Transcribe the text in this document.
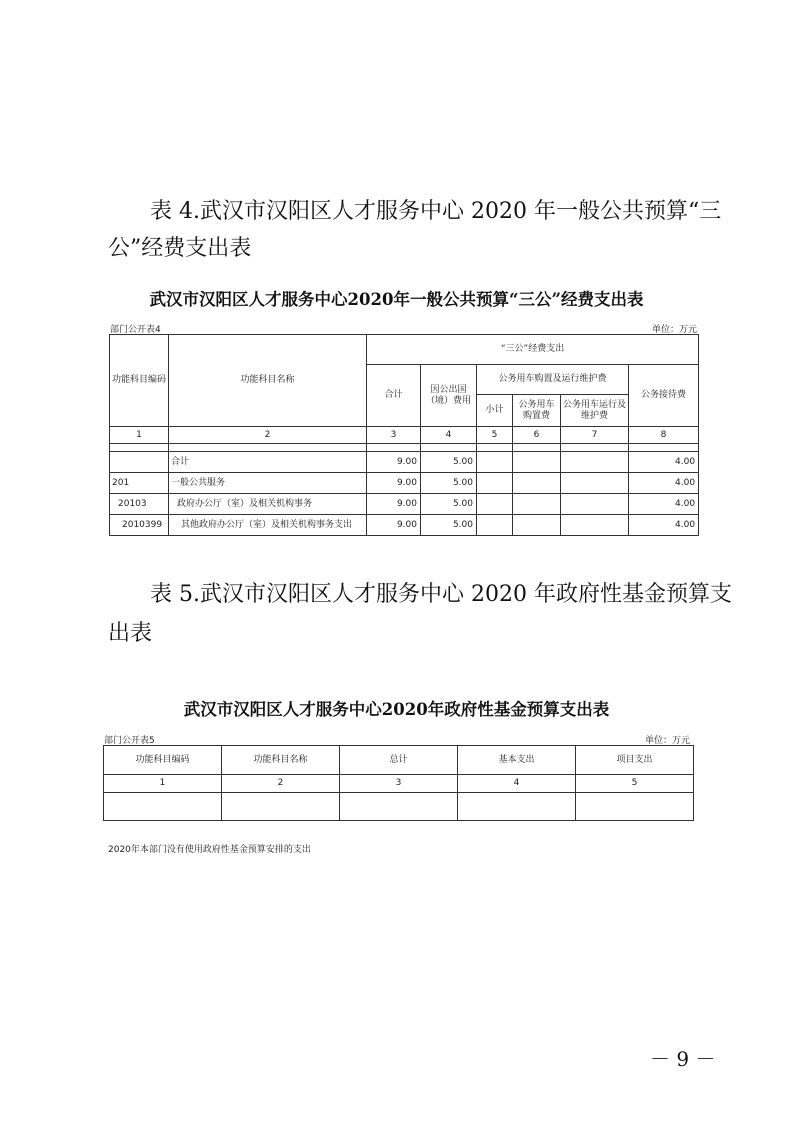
表 4.武汉市汉阳区人才服务中心 2020 年一般公共预算“三
公”经费支出表
武汉市汉阳区人才服务中心2020年一般公共预算“三公”经费支出表
部门公开表4	单位：万元
功能科目编码	功能科目名称	“三公”经费支出					
		合计	因公出国（境）费用	公务用车购置及运行维护费			公务接待费
				小计	公务用车购置费	公务用车运行及维护费	
1	2	3	4	5	6	7	8

	合计	9.00	5.00				4.00
201	一般公共服务	9.00	5.00				4.00
20103	政府办公厅（室）及相关机构事务	9.00	5.00				4.00
2010399	其他政府办公厅（室）及相关机构事务支出	9.00	5.00				4.00
表 5.武汉市汉阳区人才服务中心 2020 年政府性基金预算支
出表
武汉市汉阳区人才服务中心2020年政府性基金预算支出表
部门公开表5	单位：万元
功能科目编码	功能科目名称	总计	基本支出	项目支出
1	2	3	4	5

2020年本部门没有使用政府性基金预算安排的支出
－ 9 －
